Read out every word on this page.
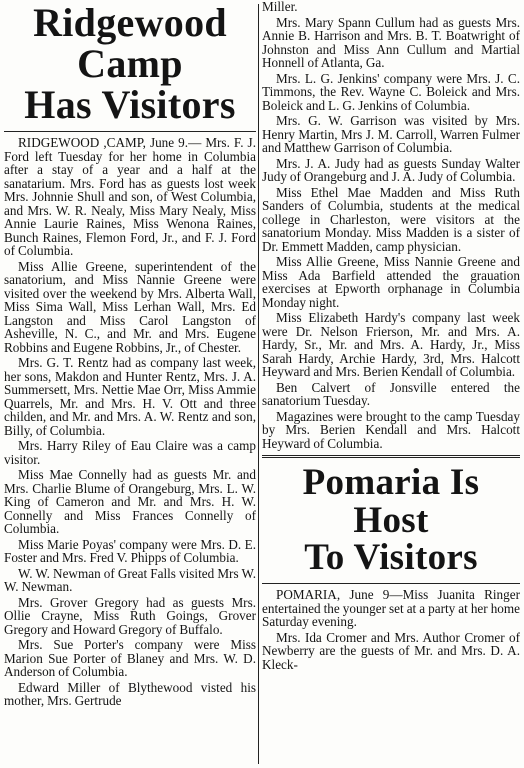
Ridgewood Camp
Has Visitors

RIDGEWOOD ,CAMP, June 9.— Mrs. F. J. Ford left Tuesday for her home in Columbia after a stay of a year and a half at the sanatarium. Mrs. Ford has as guests lost week Mrs. Johnnie Shull and son, of West Columbia, and Mrs. W. R. Nealy, Miss Mary Nealy, Miss Annie Laurie Raines, Miss Wenona Raines, Bunch Raines, Flemon Ford, Jr., and F. J. Ford of Columbia.

Miss Allie Greene, superintendent of the sanatorium, and Miss Nannie Greene were visited over the weekend by Mrs. Alberta Wall, Miss Sima Wall, Miss Lerhan Wall, Mrs. Ed Langston and Miss Carol Langston of Asheville, N. C., and Mr. and Mrs. Eugene Robbins and Eugene Robbins, Jr., of Chester.

Mrs. G. T. Rentz had as company last week, her sons, Makdon and Hunter Rentz, Mrs. J. A. Summersett, Mrs. Nettie Mae Orr, Miss Ammie Quarrels, Mr. and Mrs. H. V. Ott and three childen, and Mr. and Mrs. A. W. Rentz and son, Billy, of Columbia.

Mrs. Harry Riley of Eau Claire was a camp visitor.

Miss Mae Connelly had as guests Mr. and Mrs. Charlie Blume of Orangeburg, Mrs. L. W. King of Cameron and Mr. and Mrs. H. W. Connelly and Miss Frances Connelly of Columbia.

Miss Marie Poyas' company were Mrs. D. E. Foster and Mrs. Fred V. Phipps of Columbia.

W. W. Newman of Great Falls visited Mrs W. W. Newman.

Mrs. Grover Gregory had as guests Mrs. Ollie Crayne, Miss Ruth Goings, Grover Gregory and Howard Gregory of Buffalo.

Mrs. Sue Porter's company were Miss Marion Sue Porter of Blaney and Mrs. W. D. Anderson of Columbia.

Edward Miller of Blythewood visted his mother, Mrs. Gertrude

Miller.

Mrs. Mary Spann Cullum had as guests Mrs. Annie B. Harrison and Mrs. B. T. Boatwright of Johnston and Miss Ann Cullum and Martial Honnell of Atlanta, Ga.

Mrs. L. G. Jenkins' company were Mrs. J. C. Timmons, the Rev. Wayne C. Boleick and Mrs. Boleick and L. G. Jenkins of Columbia.

Mrs. G. W. Garrison was visited by Mrs. Henry Martin, Mrs J. M. Carroll, Warren Fulmer and Matthew Garrison of Columbia.

Mrs. J. A. Judy had as guests Sunday Walter Judy of Orangeburg and J. A. Judy of Columbia.

Miss Ethel Mae Madden and Miss Ruth Sanders of Columbia, students at the medical college in Charleston, were visitors at the sanatorium Monday. Miss Madden is a sister of Dr. Emmett Madden, camp physician.

Miss Allie Greene, Miss Nannie Greene and Miss Ada Barfield attended the grauation exercises at Epworth orphanage in Columbia Monday night.

Miss Elizabeth Hardy's company last week were Dr. Nelson Frierson, Mr. and Mrs. A. Hardy, Sr., Mr. and Mrs. A. Hardy, Jr., Miss Sarah Hardy, Archie Hardy, 3rd, Mrs. Halcott Heyward and Mrs. Berien Kendall of Columbia.

Ben Calvert of Jonsville entered the sanatorium Tuesday.

Magazines were brought to the camp Tuesday by Mrs. Berien Kendall and Mrs. Halcott Heyward of Columbia.

Pomaria Is Host
To Visitors

POMARIA, June 9—Miss Juanita Ringer entertained the younger set at a party at her home Saturday evening.

Mrs. Ida Cromer and Mrs. Author Cromer of Newberry are the guests of Mr. and Mrs. D. A. Kleck-
